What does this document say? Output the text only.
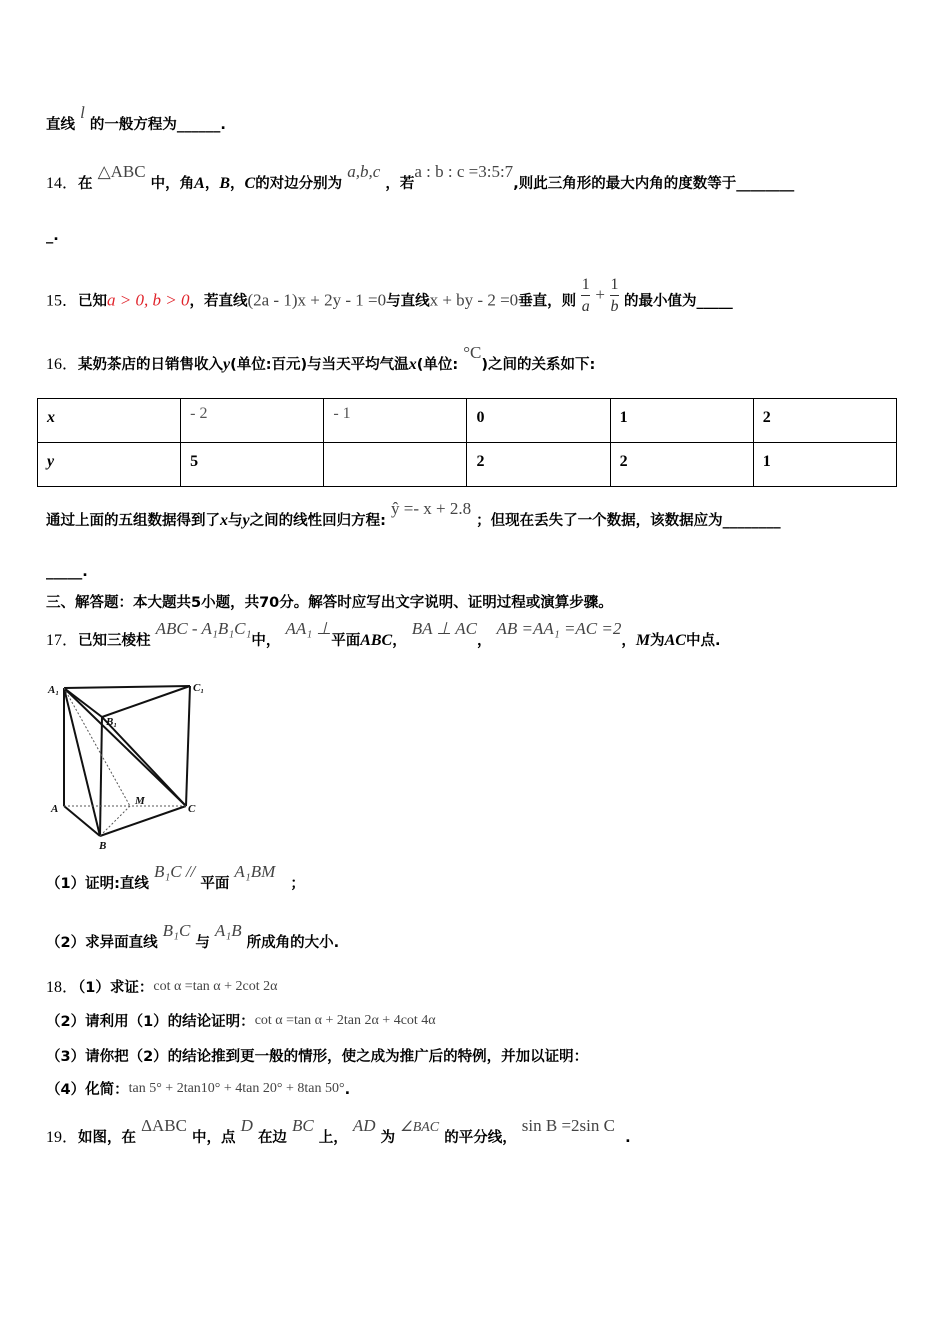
直线 l 的一般方程为______.
14．在 △ABC 中，角A，B，C的对边分别为 a,b,c ，若a : b : c =3:5:7,则此三角形的最大内角的度数等于________
_.
15．已知a > 0, b > 0，若直线(2a - 1)x + 2y - 1 =0与直线x + by - 2 =0垂直，则 $\frac{1}{a} + \frac{1}{b}$ 的最小值为_____
16．某奶茶店的日销售收入y(单位:百元)与当天平均气温x(单位: °C)之间的关系如下:
x	- 2	- 1	0	1	2
y	5		2	2	1
通过上面的五组数据得到了x与y之间的线性回归方程: ŷ =- x + 2.8 ；但现在丢失了一个数据，该数据应为________
_____.
三、解答题：本大题共5小题，共70分。解答时应写出文字说明、证明过程或演算步骤。
17．已知三棱柱 ABC - A₁B₁C₁中， AA₁ ⊥平面ABC， BA ⊥ AC， AB =AA₁ =AC =2，M为AC中点.
A₁	C₁
B₁
A
M
C
B
（1）证明:直线 B₁C // 平面 A₁BM   ；
（2）求异面直线 B₁C 与 A₁B 所成角的大小.
18．（1）求证：cot α =tan α + 2cot 2α
（2）请利用（1）的结论证明：cot α =tan α + 2tan 2α + 4cot 4α
（3）请你把（2）的结论推到更一般的情形，使之成为推广后的特例，并加以证明：
（4）化简：tan 5° + 2tan10° + 4tan 20° + 8tan 50°.
19．如图，在 ΔABC 中，点 D 在边 BC 上， AD 为 ∠BAC 的平分线， sin B =2sin C  .
